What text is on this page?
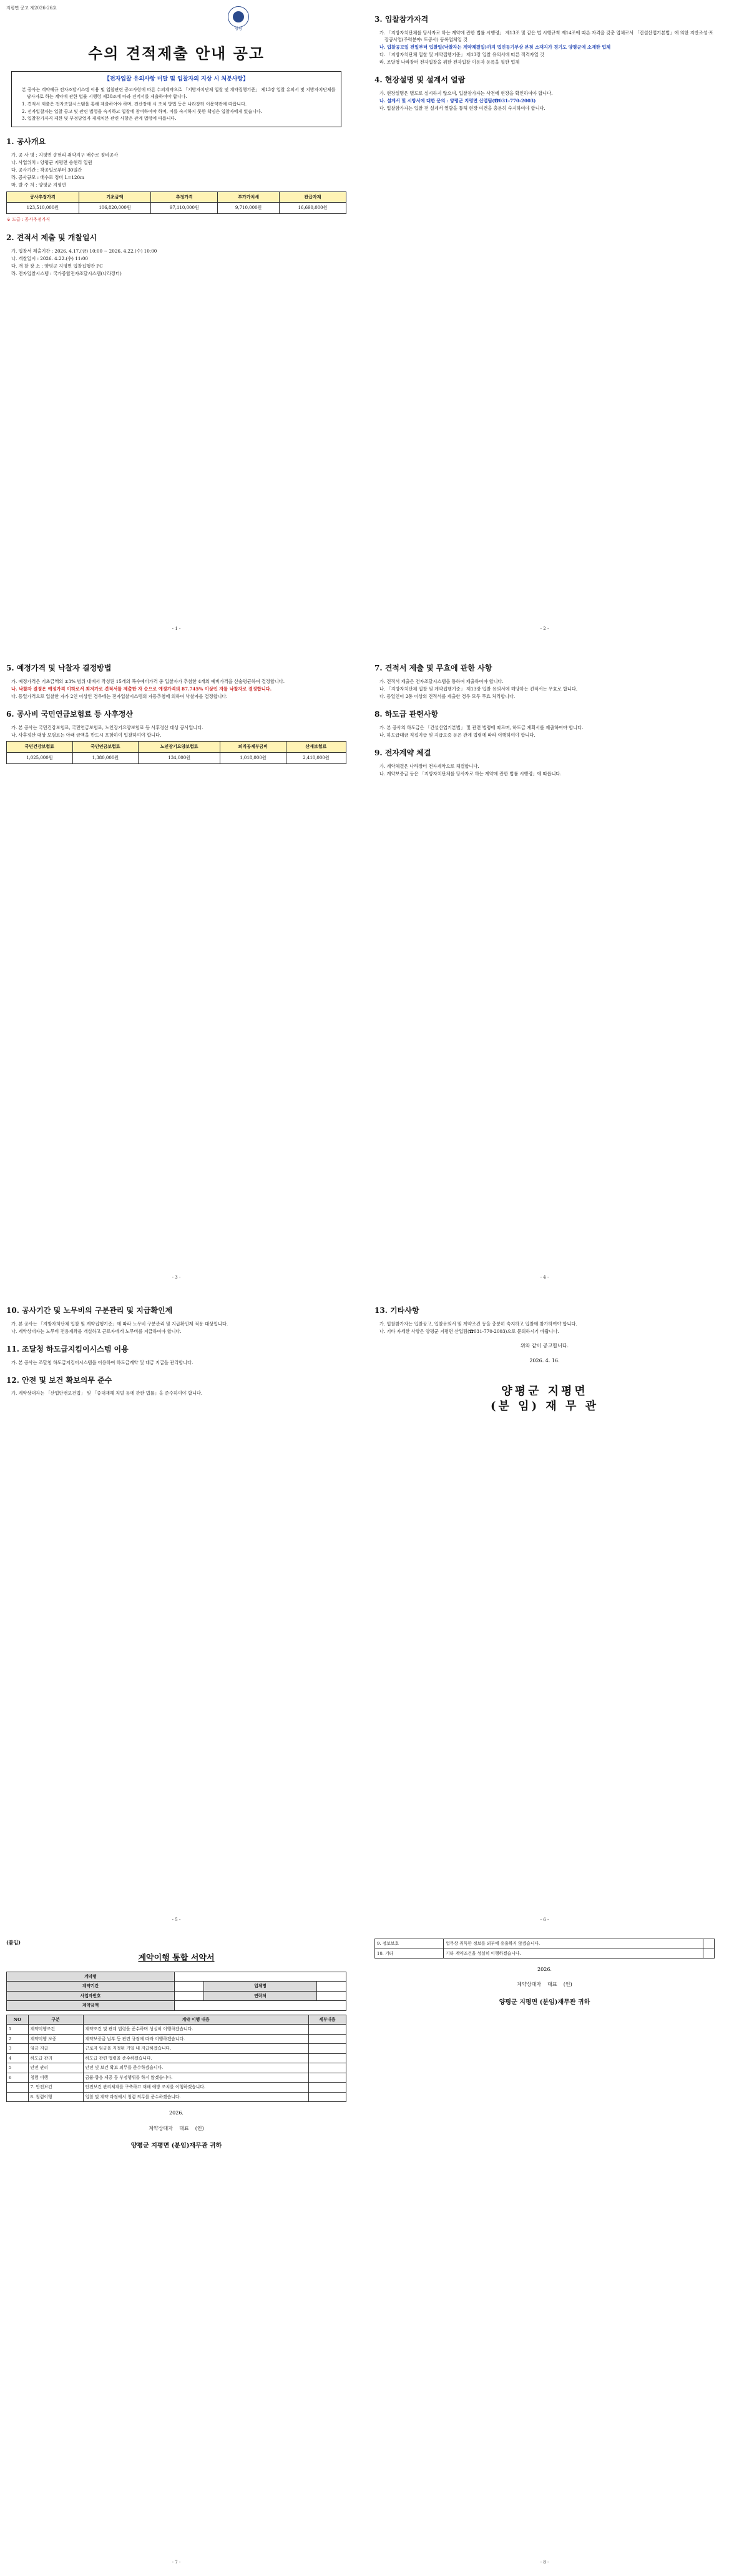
지평면 공고 제2026-26호
양평
수의 견적제출 안내 공고
【전자입찰 유의사항 미달 및 입찰자의 지상 시 처분사항】
본 공사는 계약예규 전자조달시스템 이용 및 입찰관련 공고사항에 따른 수의계약으로 「지방자치단체 입찰 및 계약집행기준」 제13장 입찰 유의서 및 지방자치단체를 당사자로 하는 계약에 관한 법률 시행령 제30조에 따라 견적서를 제출하여야 합니다.
1. 견적서 제출은 전자조달시스템을 통해 제출하여야 하며, 전산장애 시 조치 방법 등은 나라장터 이용약관에 따릅니다.
2. 전자입찰자는 입찰 공고 및 관련 법령을 숙지하고 입찰에 참여하여야 하며, 이를 숙지하지 못한 책임은 입찰자에게 있습니다.
3. 입찰참가자격 제한 및 부정당업자 제재처분 관련 사항은 관계 법령에 따릅니다.
1. 공사개요
가. 공 사 명 : 지평면 송현리 취약지구 배수로 정비공사
나. 사업위치 : 양평군 지평면 송현리 일원
다. 공사기간 : 착공일로부터 30일간
라. 공사규모 : 배수로 정비 L=120m
마. 발 주 처 : 양평군 지평면
공사추정가격	기초금액	추정가격	부가가치세	관급자재
123,510,000원	106,820,000원	97,110,000원	9,710,000원	16,690,000원
※ 도급 : 공사추정가격
2. 견적서 제출 및 개찰일시
가. 입찰서 제출기간 : 2026. 4.17.(금) 10:00 ~ 2026. 4.22.(수) 10:00
나. 개찰일시 : 2026. 4.22.(수) 11:00
다. 개 찰 장 소 : 양평군 지평면 입찰집행관 PC
라. 전자입찰시스템 : 국가종합전자조달시스템(나라장터)
- 1 -
3. 입찰참가자격
가. 「지방자치단체를 당사자로 하는 계약에 관한 법률 시행령」 제13조 및 같은 법 시행규칙 제14조에 따른 자격을 갖춘 업체로서 「건설산업기본법」에 의한 지반조성·포장공사업(주력분야: 토공사) 등록업체일 것
나. 입찰공고일 전일부터 입찰일(낙찰자는 계약체결일)까지 법인등기부상 본점 소재지가 경기도 양평군에 소재한 업체
다. 「지방자치단체 입찰 및 계약집행기준」 제13장 입찰 유의서에 따른 적격자일 것
라. 조달청 나라장터 전자입찰을 위한 전자입찰 이용자 등록을 필한 업체
4. 현장설명 및 설계서 열람
가. 현장설명은 별도로 실시하지 않으며, 입찰참가자는 사전에 현장을 확인하여야 합니다.
나. 설계서 및 시방서에 대한 문의 : 양평군 지평면 산업팀(☎031-770-2003)
다. 입찰참가자는 입찰 전 설계서 열람을 통해 현장 여건을 충분히 숙지하여야 합니다.
- 2 -
5. 예정가격 및 낙찰자 결정방법
가. 예정가격은 기초금액의 ±3% 범위 내에서 작성된 15개의 복수예비가격 중 입찰자가 추첨한 4개의 예비가격을 산술평균하여 결정합니다.
나. 낙찰자 결정은 예정가격 이하로서 최저가로 견적서를 제출한 자 순으로 예정가격의 87.745% 이상인 자를 낙찰자로 결정합니다.
다. 동일가격으로 입찰한 자가 2인 이상인 경우에는 전자입찰시스템의 자동추첨에 의하여 낙찰자를 결정합니다.
6. 공사비 국민연금보험료 등 사후정산
가. 본 공사는 국민건강보험료, 국민연금보험료, 노인장기요양보험료 등 사후정산 대상 공사입니다.
나. 사후정산 대상 보험료는 아래 금액을 반드시 포함하여 입찰하여야 합니다.
국민건강보험료	국민연금보험료	노인장기요양보험료	퇴직공제부금비	산재보험료
1,025,000원	1,380,000원	134,000원	1,018,000원	2,410,000원
- 3 -
7. 견적서 제출 및 무효에 관한 사항
가. 견적서 제출은 전자조달시스템을 통하여 제출하여야 합니다.
나. 「지방자치단체 입찰 및 계약집행기준」 제13장 입찰 유의서에 해당하는 견적서는 무효로 합니다.
다. 동일인이 2통 이상의 견적서를 제출한 경우 모두 무효 처리합니다.
8. 하도급 관련사항
가. 본 공사의 하도급은 「건설산업기본법」 및 관련 법령에 따르며, 하도급 계획서를 제출하여야 합니다.
나. 하도급대금 직접지급 및 지급보증 등은 관계 법령에 따라 이행하여야 합니다.
9. 전자계약 체결
가. 계약체결은 나라장터 전자계약으로 체결합니다.
나. 계약보증금 등은 「지방자치단체를 당사자로 하는 계약에 관한 법률 시행령」에 따릅니다.
- 4 -
10. 공사기간 및 노무비의 구분관리 및 지급확인제
가. 본 공사는 「지방자치단체 입찰 및 계약집행기준」에 따라 노무비 구분관리 및 지급확인제 적용 대상입니다.
나. 계약상대자는 노무비 전용계좌를 개설하고 근로자에게 노무비를 지급하여야 합니다.
11. 조달청 하도급지킴이시스템 이용
가. 본 공사는 조달청 하도급지킴이시스템을 이용하여 하도급계약 및 대금 지급을 관리합니다.
12. 안전 및 보건 확보의무 준수
가. 계약상대자는 「산업안전보건법」 및 「중대재해 처벌 등에 관한 법률」을 준수하여야 합니다.
- 5 -
13. 기타사항
가. 입찰참가자는 입찰공고, 입찰유의서 및 계약조건 등을 충분히 숙지하고 입찰에 참가하여야 합니다.
나. 기타 자세한 사항은 양평군 지평면 산업팀(☎031-770-2003)으로 문의하시기 바랍니다.
위와 같이 공고합니다.
2026. 4. 16.
양평군 지평면
(분 임) 재 무 관
- 6 -
(붙임)
계약이행 통합 서약서
계약명			
계약기간		업체명	
사업자번호		연락처	
계약금액			
NO	구분	계약 이행 내용	세부내용
1	계약이행조건	계약조건 및 관계 법령을 준수하며 성실히 이행하겠습니다.	
2	계약이행 보증	계약보증금 납부 등 관련 규정에 따라 이행하겠습니다.	
3	임금 지급	근로자 임금을 지정된 기일 내 지급하겠습니다.	
4	하도급 관리	하도급 관련 법령을 준수하겠습니다.	
5	안전 관리	안전 및 보건 확보 의무를 준수하겠습니다.	
6	청렴 이행	금품·향응 제공 등 부정행위를 하지 않겠습니다.	
	7. 안전보건	안전보건 관리체계를 구축하고 재해 예방 조치를 이행하겠습니다.	
	8. 청렴이행	입찰 및 계약 과정에서 청렴 의무를 준수하겠습니다.	
2026.
계약상대자 대표 (인)
양평군 지평면 (분임)재무관 귀하
- 7 -
9. 정보보호	업무상 취득한 정보를 외부에 유출하지 않겠습니다.	
10. 기타	기타 계약조건을 성실히 이행하겠습니다.	
2026.
계약상대자 대표 (인)
양평군 지평면 (분임)재무관 귀하
- 8 -
